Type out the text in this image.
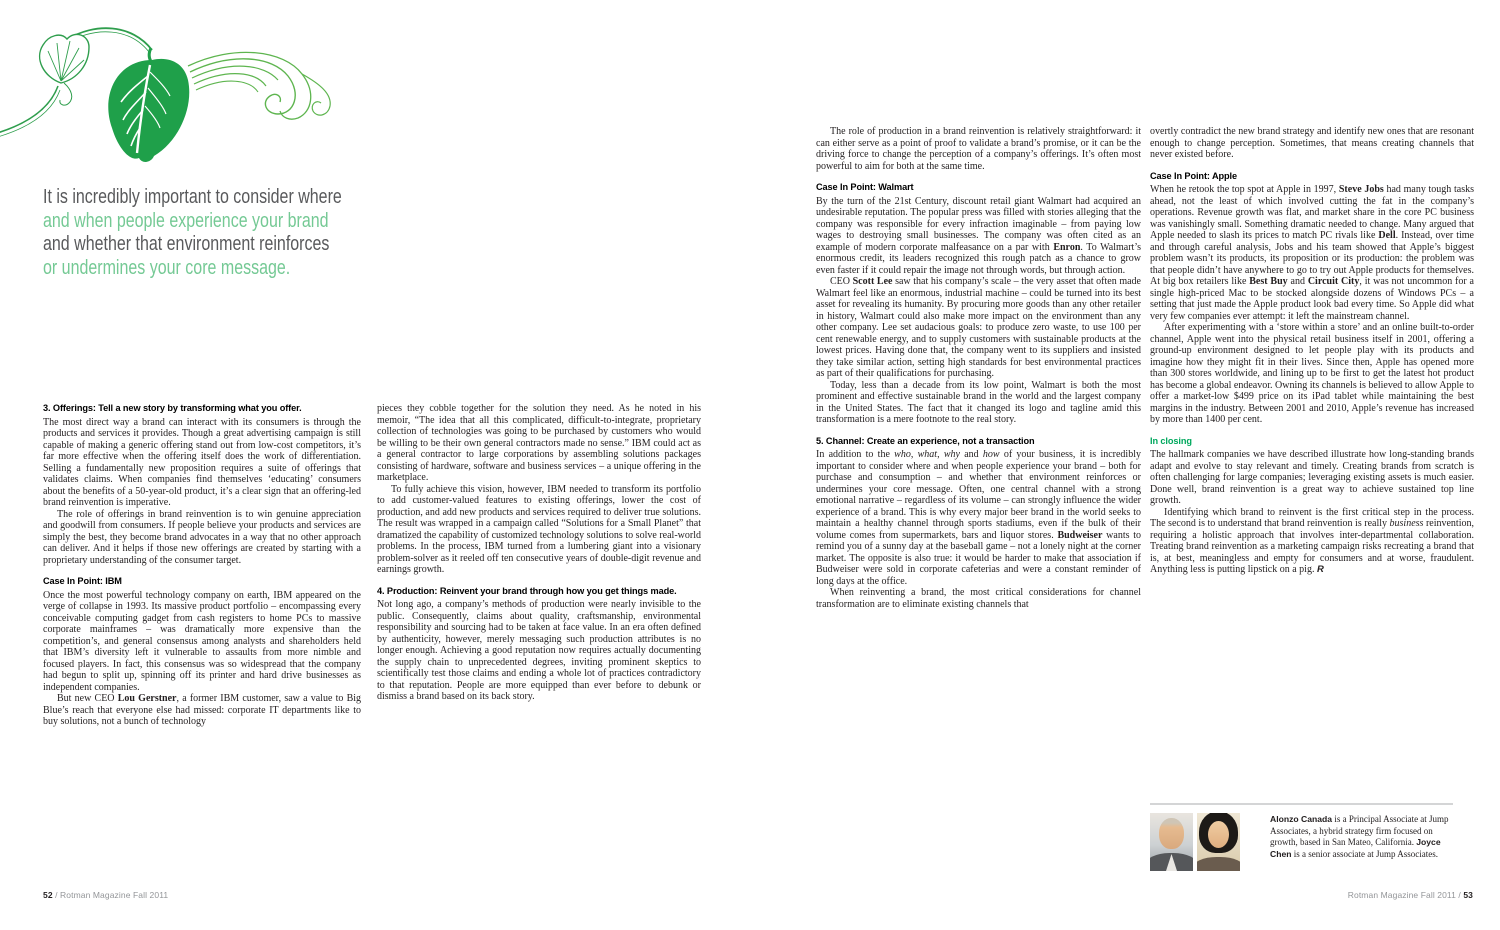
It is incredibly important to consider where
and when people experience your brand
and whether that environment reinforces
or undermines your core message.
3. Offerings: Tell a new story by transforming what you offer.

The most direct way a brand can interact with its consumers is through the products and services it provides. Though a great advertising campaign is still capable of making a generic offering stand out from low-cost competitors, it’s far more effective when the offering itself does the work of differentiation. Selling a fundamentally new proposition requires a suite of offerings that validates claims. When companies find themselves ‘educating’ consumers about the benefits of a 50-year-old product, it’s a clear sign that an offering-led brand reinvention is imperative.

The role of offerings in brand reinvention is to win genuine appreciation and goodwill from consumers. If people believe your products and services are simply the best, they become brand advocates in a way that no other approach can deliver. And it helps if those new offerings are created by starting with a proprietary understanding of the consumer target.

Case In Point: IBM

Once the most powerful technology company on earth, IBM appeared on the verge of collapse in 1993. Its massive product portfolio – encompassing every conceivable computing gadget from cash registers to home PCs to massive corporate mainframes – was dramatically more expensive than the competition’s, and general consensus among analysts and shareholders held that IBM’s diversity left it vulnerable to assaults from more nimble and focused players. In fact, this consensus was so widespread that the company had begun to split up, spinning off its printer and hard drive businesses as independent companies.

But new CEO Lou Gerstner, a former IBM customer, saw a value to Big Blue’s reach that everyone else had missed: corporate IT departments like to buy solutions, not a bunch of technology

pieces they cobble together for the solution they need. As he noted in his memoir, “The idea that all this complicated, difficult-to-integrate, proprietary collection of technologies was going to be purchased by customers who would be willing to be their own general contractors made no sense.” IBM could act as a general contractor to large corporations by assembling solutions packages consisting of hardware, software and business services – a unique offering in the marketplace.

To fully achieve this vision, however, IBM needed to transform its portfolio to add customer-valued features to existing offerings, lower the cost of production, and add new products and services required to deliver true solutions. The result was wrapped in a campaign called “Solutions for a Small Planet” that dramatized the capability of customized technology solutions to solve real-world problems. In the process, IBM turned from a lumbering giant into a visionary problem-solver as it reeled off ten consecutive years of double-digit revenue and earnings growth.

4. Production: Reinvent your brand through how you get things made.

Not long ago, a company’s methods of production were nearly invisible to the public. Consequently, claims about quality, craftsmanship, environmental responsibility and sourcing had to be taken at face value. In an era often defined by authenticity, however, merely messaging such production attributes is no longer enough. Achieving a good reputation now requires actually documenting the supply chain to unprecedented degrees, inviting prominent skeptics to scientifically test those claims and ending a whole lot of practices contradictory to that reputation. People are more equipped than ever before to debunk or dismiss a brand based on its back story.

The role of production in a brand reinvention is relatively straightforward: it can either serve as a point of proof to validate a brand’s promise, or it can be the driving force to change the perception of a company’s offerings. It’s often most powerful to aim for both at the same time.

Case In Point: Walmart

By the turn of the 21st Century, discount retail giant Walmart had acquired an undesirable reputation. The popular press was filled with stories alleging that the company was responsible for every infraction imaginable – from paying low wages to destroying small businesses. The company was often cited as an example of modern corporate malfeasance on a par with Enron. To Walmart’s enormous credit, its leaders recognized this rough patch as a chance to grow even faster if it could repair the image not through words, but through action.

CEO Scott Lee saw that his company’s scale – the very asset that often made Walmart feel like an enormous, industrial machine – could be turned into its best asset for revealing its humanity. By procuring more goods than any other retailer in history, Walmart could also make more impact on the environment than any other company. Lee set audacious goals: to produce zero waste, to use 100 per cent renewable energy, and to supply customers with sustainable products at the lowest prices. Having done that, the company went to its suppliers and insisted they take similar action, setting high standards for best environmental practices as part of their qualifications for purchasing.

Today, less than a decade from its low point, Walmart is both the most prominent and effective sustainable brand in the world and the largest company in the United States. The fact that it changed its logo and tagline amid this transformation is a mere footnote to the real story.

5. Channel: Create an experience, not a transaction

In addition to the who, what, why and how of your business, it is incredibly important to consider where and when people experience your brand – both for purchase and consumption – and whether that environment reinforces or undermines your core message. Often, one central channel with a strong emotional narrative – regardless of its volume – can strongly influence the wider experience of a brand. This is why every major beer brand in the world seeks to maintain a healthy channel through sports stadiums, even if the bulk of their volume comes from supermarkets, bars and liquor stores. Budweiser wants to remind you of a sunny day at the baseball game – not a lonely night at the corner market. The opposite is also true: it would be harder to make that association if Budweiser were sold in corporate cafeterias and were a constant reminder of long days at the office.

When reinventing a brand, the most critical considerations for channel transformation are to eliminate existing channels that

overtly contradict the new brand strategy and identify new ones that are resonant enough to change perception. Sometimes, that means creating channels that never existed before.

Case In Point: Apple

When he retook the top spot at Apple in 1997, Steve Jobs had many tough tasks ahead, not the least of which involved cutting the fat in the company’s operations. Revenue growth was flat, and market share in the core PC business was vanishingly small. Something dramatic needed to change. Many argued that Apple needed to slash its prices to match PC rivals like Dell. Instead, over time and through careful analysis, Jobs and his team showed that Apple’s biggest problem wasn’t its products, its proposition or its production: the problem was that people didn’t have anywhere to go to try out Apple products for themselves. At big box retailers like Best Buy and Circuit City, it was not uncommon for a single high-priced Mac to be stocked alongside dozens of Windows PCs – a setting that just made the Apple product look bad every time. So Apple did what very few companies ever attempt: it left the mainstream channel.

After experimenting with a ‘store within a store’ and an online built-to-order channel, Apple went into the physical retail business itself in 2001, offering a ground-up environment designed to let people play with its products and imagine how they might fit in their lives. Since then, Apple has opened more than 300 stores worldwide, and lining up to be first to get the latest hot product has become a global endeavor. Owning its channels is believed to allow Apple to offer a market-low $499 price on its iPad tablet while maintaining the best margins in the industry. Between 2001 and 2010, Apple’s revenue has increased by more than 1400 per cent.

In closing

The hallmark companies we have described illustrate how long-standing brands adapt and evolve to stay relevant and timely. Creating brands from scratch is often challenging for large companies; leveraging existing assets is much easier. Done well, brand reinvention is a great way to achieve sustained top line growth.

Identifying which brand to reinvent is the first critical step in the process. The second is to understand that brand reinvention is really business reinvention, requiring a holistic approach that involves inter-departmental collaboration. Treating brand reinvention as a marketing campaign risks recreating a brand that is, at best, meaningless and empty for consumers and at worse, fraudulent. Anything less is putting lipstick on a pig. R

Alonzo Canada is a Principal Associate at Jump Associates, a hybrid strategy firm focused on growth, based in San Mateo, California. Joyce Chen is a senior associate at Jump Associates.
52 / Rotman Magazine Fall 2011	Rotman Magazine Fall 2011 / 53
